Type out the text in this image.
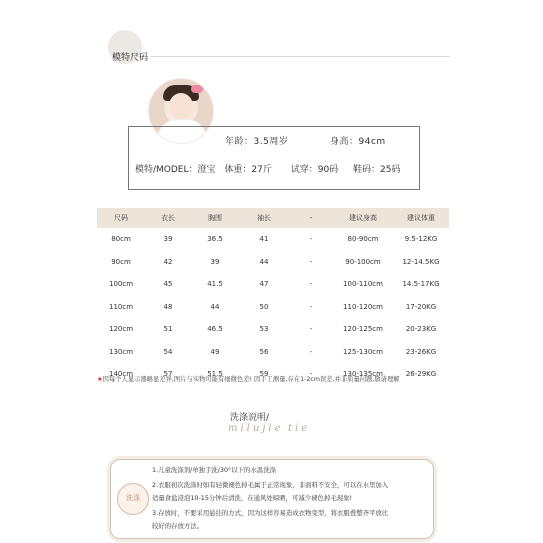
模特尺码
年龄：3.5周岁	身高：94cm
模特/MODEL：澄宝 体重：27斤 试穿：90码 鞋码：25码
尺码	衣长	胸围	袖长	-	建议身高	建议体重
80cm	39	36.5	41	-	80-90cm	9.5-12KG
90cm	42	39	44	-	90-100cm	12-14.5KG
100cm	45	41.5	47	-	100-110cm	14.5-17KG
110cm	48	44	50	-	110-120cm	17-20KG
120cm	51	46.5	53	-	120-125cm	20-23KG
130cm	54	49	56	-	125-130cm	23-26KG
140cm	57	51.5	59	-	130-135cm	26-29KG
★因每个人显示器略显差异,图片与实物可能有细微色差! 因手工测量,存在1-2cm误差,并非质量问题,敬请理解
洗涤说明/
milujie tie
洗涤
1.儿童洗涤剂/单独手洗/30°以下的水温洗涤
2.衣服初次洗涤时如有轻微褪色掉毛属于正常现象，非面料不安全，可以在水里加入
适量食盐浸泡10-15分钟后清洗，在通风处晾晒，可减少褪色掉毛现象!
3.存放时，不要采用悬挂的方式，因为这样容易造成衣物变型，将衣服叠整齐平放比
较好的存放方法。
